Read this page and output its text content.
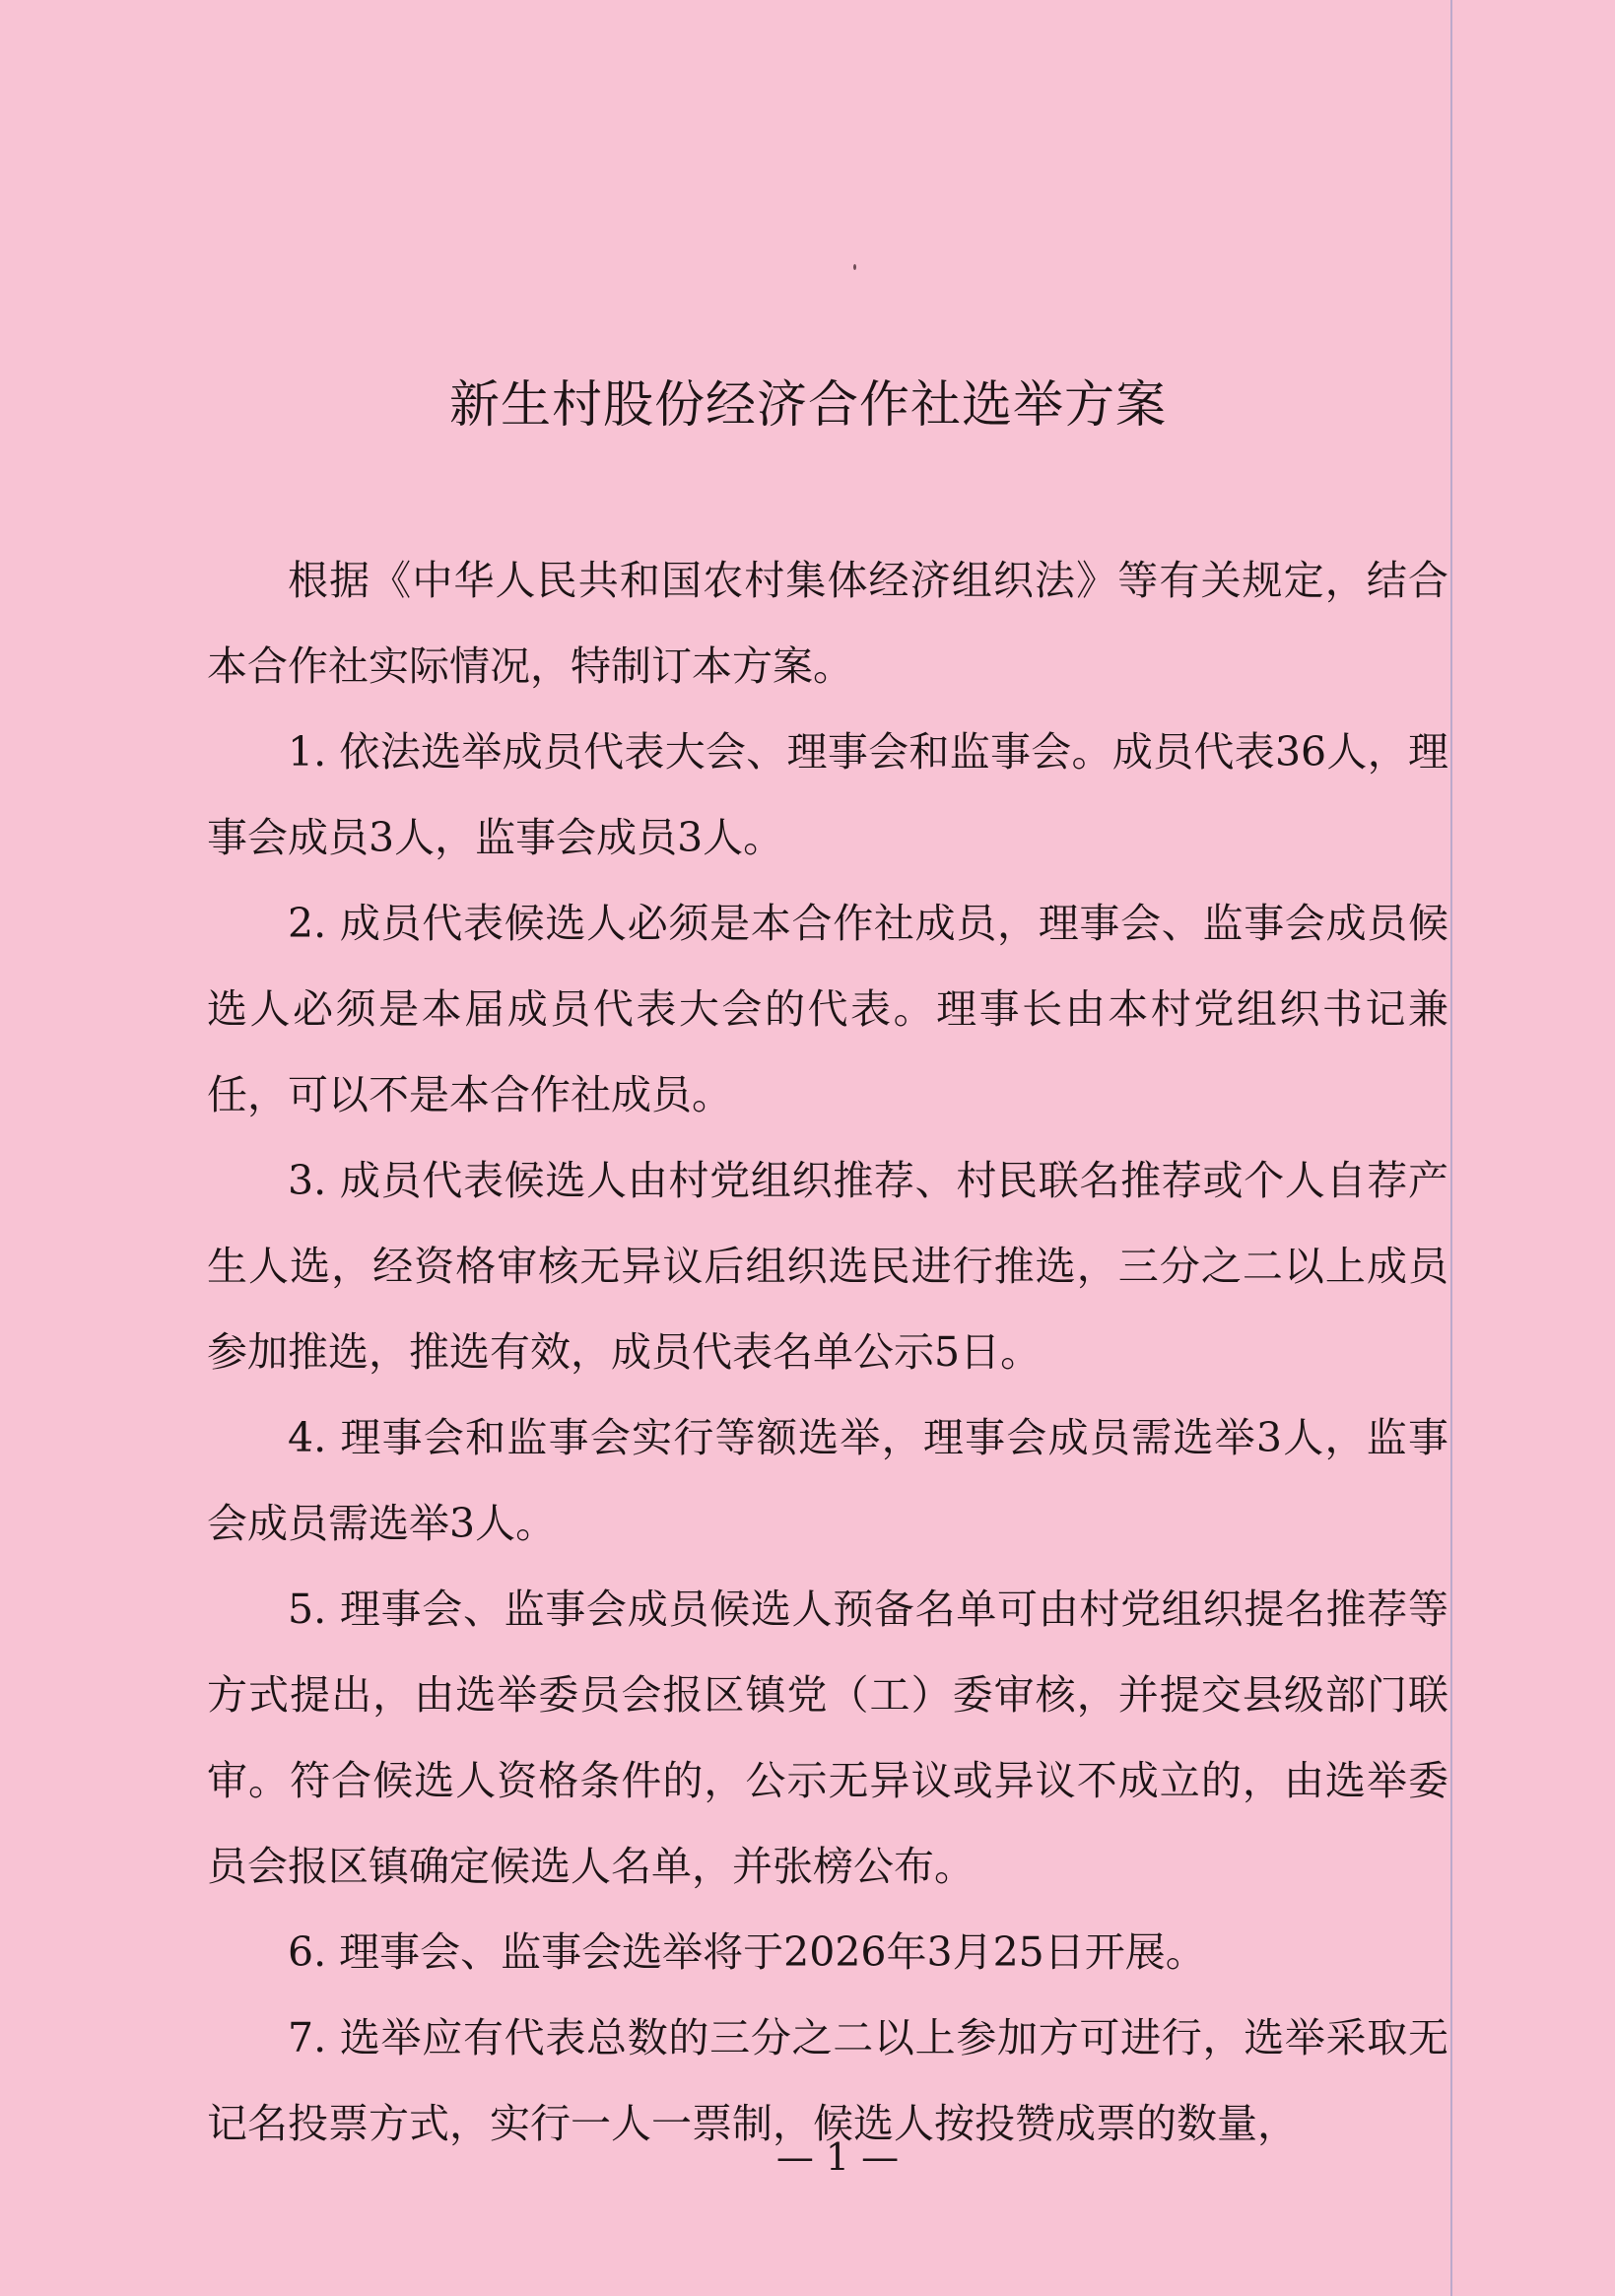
新生村股份经济合作社选举方案

根据《中华人民共和国农村集体经济组织法》等有关规定，结合本合作社实际情况，特制订本方案。

1. 依法选举成员代表大会、理事会和监事会。成员代表36人，理事会成员3人，监事会成员3人。

2. 成员代表候选人必须是本合作社成员，理事会、监事会成员候选人必须是本届成员代表大会的代表。理事长由本村党组织书记兼任，可以不是本合作社成员。

3. 成员代表候选人由村党组织推荐、村民联名推荐或个人自荐产生人选，经资格审核无异议后组织选民进行推选，三分之二以上成员参加推选，推选有效，成员代表名单公示5日。

4. 理事会和监事会实行等额选举，理事会成员需选举3人，监事会成员需选举3人。

5. 理事会、监事会成员候选人预备名单可由村党组织提名推荐等方式提出，由选举委员会报区镇党（工）委审核，并提交县级部门联审。符合候选人资格条件的，公示无异议或异议不成立的，由选举委员会报区镇确定候选人名单，并张榜公布。

6. 理事会、监事会选举将于2026年3月25日开展。

7. 选举应有代表总数的三分之二以上参加方可进行，选举采取无记名投票方式，实行一人一票制，候选人按投赞成票的数量，

— 1 —
